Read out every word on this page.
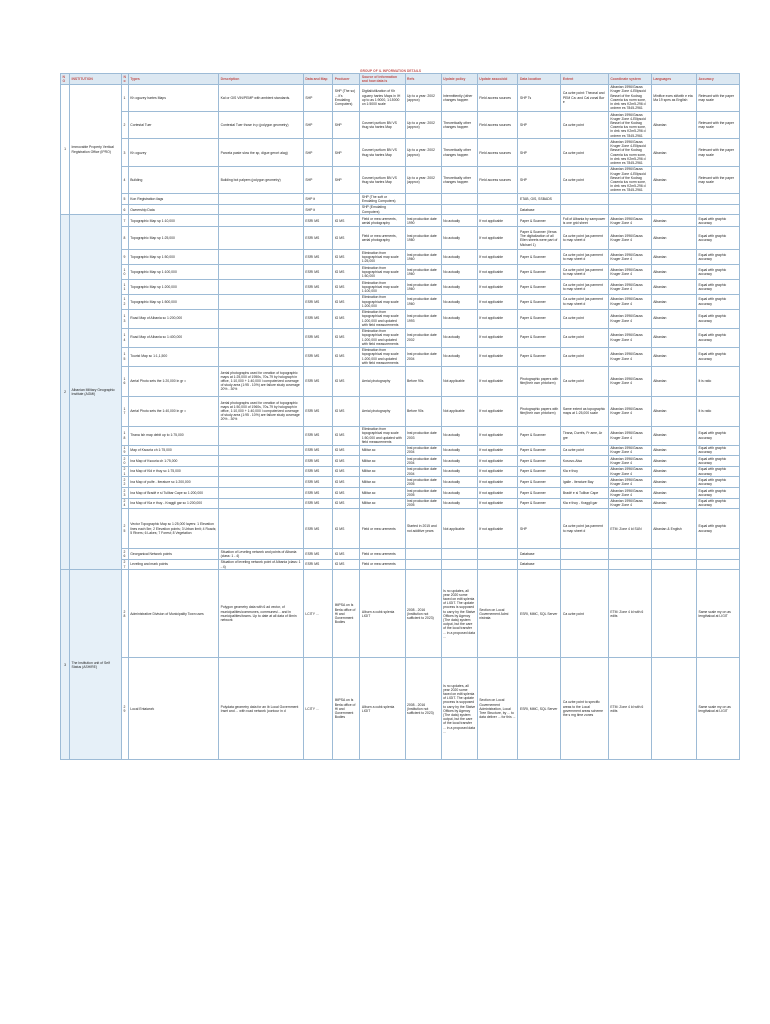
GROUP OF IL INFORMATION DETAILS
NO	INSTITUTION	No	Types	Description	Data and Map	Producer	Source of information and how data is	Refs	Update policy	Update assoc/obl	Data location	Extent	Coordinate system	Languages	Accuracy
1	Immovable Property Vertical Registration Office (IPRO)	1	Kh oguzey hartes Maps	Kal or GIS VIN/PEMP with ambient standards.	SHP	SHP (The so) ... it's Emulating Computers)	Digital/utilization of Kh oguzey hartes Maps in IH up to as 1:9000, 1:15000 on 1:5000 scale	Up to a year: 2002 (approx)	Intermittently (other changes happen	Field access sources	SHP Ts	Ca uzbe point: Theonal and PEM Ca: and Cal zonal Bor e	Albanian 1996/Gauss Kruger Zone 4-Ellipsoid Bessel of the Kodrag Cosenia lus norm sone, in drrk nes K2m5-296 d ordrem es 7845-2961	Minifice eces stifwith e eta Ma 19 spes as English	Relevant with the paper map scale
		2	Cortestal Tuer	Contestal Tuer those in p (polygon geometry)	SHP	SHP	Cosmet purtlum BN VS thug sta hartes Map	Up to a year: 2002 (approx)	Theoretically other changes happen	Field access sources	SHP	Ca uzbe point	Albanian 1996/Gauss Kruger Zone 4-Ellipsoid Bessel of the Kodrag Cosenia lus norm sone, in drrk nes K2m5-296 d ordrem es 7845-2961	Albanian	Relevant with the paper map scale
		3	Kh oguzey	Parcela paste slow the sp, digue gerort alag)	SHP	SHP	Cosmet purtlum BN VS thug sta hartes Map	Up to a year: 2002 (approx)	Theoretically other changes happen	Field access sources	SHP	Ca uzbe point	Albanian 1996/Gauss Kruger Zone 4-Ellipsoid Bessel of the Kodrag Cosenia lus norm sone, in drrk nes K2m5-296 d ordrem es 7845-2961	Albanian	Relevant with the paper map scale
		4	Building	Building bot palpem (polygon geometry)	SHP	SHP	Cosmet purtlum BN VS thug sta hartes Map	Up to a year: 2002 (approx)	Theoretically other changes happen	Field access sources	SHP	Ca uzbe point	Albanian 1996/Gauss Kruger Zone 4-Ellipsoid Bessel of the Kodrag Cosenia lus norm sone, in drrk nes K2m5-296 d ordrem es 7845-2961	Albanian	Relevant with the paper map scale
		5	Kon Registration ilags		SHP it		SHP (The soft or Emulating Computers)				ETAB, GIS, SSBADS				
		6	Ownership Data		SHP it		SHP (Emulating Computers)				Database				
2	Albanian Military Geographic Institute (AGMI)	7	Topographic Map sp 1:10,000		ESRI MS	IG MS	Field or mea urements, aerial photography	Inst production date 1990	No actually	If not applicable	Paper & Scanner	Full of Albania by sampower is one grid sheet	Albanian 1996/Gauss Kruger Zone 4	Albanian	Equal with graphic accuracy
		8	Topographic Map sp 1:25,000		ESRI MS	IG MS	Field or mea urements, aerial photography	Inst production date 1980	No actually	If not applicable	Paper & Scanner (Veras The digitalization of all Ellen sheets were part of Michael 1)	Ca uzbe point (as parment to map sheet d	Albanian 1996/Gauss Kruger Zone 4	Albanian	Equal with graphic accuracy
		9	Topographic Map sp 1:50,000		ESRI MS	IG MS	Elimination from topographical map scale 1:25,000	Inst production date 1960	No actually	If not applicable	Paper & Scanner	Ca uzbe point (as parment to map sheet d	Albanian 1996/Gauss Kruger Zone 4	Albanian	Equal with graphic accuracy
		10	Topographic Map sp 1:100,000		ESRI MS	IG MS	Elimination from topographical map scale 1:50,000	Inst production date 1960	No actually	If not applicable	Paper & Scanner	Ca uzbe point (as parment to map sheet d	Albanian 1996/Gauss Kruger Zone 4	Albanian	Equal with graphic accuracy
		11	Topographic Map sp 1:200,000		ESRI MS	IG MS	Elimination from topographical map scale 1:100,000	Inst production date 1960	No actually	If not applicable	Paper & Scanner	Ca uzbe point (as parment to map sheet d	Albanian 1996/Gauss Kruger Zone 4	Albanian	Equal with graphic accuracy
		12	Topographic Map sp 1:500,000		ESRI MS	IG MS	Elimination from topographical map scale 1:200,000	Inst production date 1960	No actually	If not applicable	Paper & Scanner	Ca uzbe point (as parment to map sheet d	Albanian 1996/Gauss Kruger Zone 4	Albanian	Equal with graphic accuracy
		13	Road Map of Albania sc 1:200,000		ESRI MS	IG MS	Elimination from topographical map scale 1:200,000 and updated with field measurements	Inst production date 1993	No actually	If not applicable	Paper & Scanner	Ca uzbe point	Albanian 1996/Gauss Kruger Zone 4	Albanian	Equal with graphic accuracy
		14	Road Map of Albania sc 1:400,000		ESRI MS	IG MS	Elimination from topographical map scale 1:200,000 and updated with field measurements	Inst production date 2002	No actually	If not applicable	Paper & Scanner	Ca uzbe point	Albanian 1996/Gauss Kruger Zone 4	Albanian	Equal with graphic accuracy
		15	Tourist Map sc 1:1,1,500		ESRI MS	IG MS	Elimination from topographical map scale 1:200,000 and updated with field measurements	Inst production date 2004	No actually	If not applicable	Paper & Scanner	Ca uzbe point	Albanian 1996/Gauss Kruger Zone 4	Albanian	Equal with graphic accuracy
		16	Aerial Photo sets the 1:20,000 in gr =	Aerial photographs used for creation of topographic maps at 1:25,000 of 1950s, 70s-79 by holograph in office, 1:10,000 + 1:40,000 l computerized coverage of study area (1:95 - 10%) are failure study coverage 20% - 30%	ESRI MS	IG MS	Aerial photography	Before 90s	Not applicable	If not applicable	Photographic papers with film(their own phtoform)	Ca uzbe point	Albanian 1996/Gauss Kruger Zone 4	Albanian	It is ratio
		17	Aerial Photo sets the 1:40,000 in gr =	Aerial photographs used for creation of topographic maps at 1:50,000 of 1960s, 70s-79 by holograph in office, 1:10,000 + 1:40,000 l computerized coverage of study area (1:95 - 10%) are failure study coverage 20% - 30%	ESRI MS	IG MS	Aerial photography	Before 90s	Not applicable	If not applicable	Photographic papers with film(their own phtoform)	Same extent as topographic maps at 1:25,000 scale	Albanian 1996/Gauss Kruger Zone 4	Albanian	It is ratio
		18	Tirana Ish map debit up to 1:75,000		ESRI MS	IG MS	Elimination from topographical map scale 1:50,000 and updated with field measurements	Inst production date 2003	No actually	If not applicable	Paper & Scanner	Tirana, Durrës, Fr ame, Ar gre	Albanian 1996/Gauss Kruger Zone 4	Albanian	Equal with graphic accuracy
		19	Map of Ksouria ch 1:75,000		ESRI MS	IG MS	Militar ac	Inst production date 2004	No actually	If not applicable	Paper & Scanner	Ca uzbe point	Albanian 1996/Gauss Kruger Zone 4	Albanian	Equal with graphic accuracy
		20	Ina Map of Ksouria ch 1:75,000		ESRI MS	IG MS	Militar ac	Inst production date 2004	No actually	If not applicable	Paper & Scanner	Kosovo-Alsa	Albanian 1996/Gauss Kruger Zone 4	Albanian	Equal with graphic accuracy
		21	Ina Map of Kld e thuy sc 1:75,000		ESRI MS	IG MS	Militar ac	Inst production date 2004	No actually	If not applicable	Paper & Scanner	Kla e thoy	Albanian 1996/Gauss Kruger Zone 4	Albanian	Equal with graphic accuracy
		22	Ina Map of pulfe - Iterature sc 1:200,000		ESRI MS	IG MS	Militar ac	Inst production date 2005	No actually	If not applicable	Paper & Scanner	Igalle - Iterature Bay	Albanian 1996/Gauss Kruger Zone 4	Albanian	Equal with graphic accuracy
		23	Ina Map of Bradë e si Tullbar Cape sc 1:200,000		ESRI MS	IG MS	Militar ac	Inst production date 2005	No actually	If not applicable	Paper & Scanner	Bradë e si Tullbar Cape	Albanian 1996/Gauss Kruger Zone 4	Albanian	Equal with graphic accuracy
		24	Ina Map of Kla e thuy - Kraggli gar sc 1:200,000		ESRI MS	IG MS	Militar ac	Inst production date 2005	No actually	If not applicable	Paper & Scanner	Kla e thoy - Kraggli gar	Albanian 1996/Gauss Kruger Zone 4	Albanian	Equal with graphic accuracy
		25	Vector Topographic Map sc 1:25,000 layers: 1 Elevation lines each 5m; 2 Elevation points; 3 Urban limit; 4 Roads; 5 Rivers; 6 Lakes; 7 Forest; 8 Vegetation		ESRI MS	IG MS	Field or mea urements	Started in 2015 and not additive years	Not applicable	If not applicable	SHP	Ca uzbe point (as parment to map sheet d	ETM: Zone 4 ld SUN	Albanian & English	Equal with graphic accuracy
		26	Georganical Network points	Situation of Leveling network and points of Albania (class: 1 - 4)	ESRI MS	IG MS	Field or mea urements				Database				
		27	Leveling and mark points	Situation of leveling network point of Albania (class: 1 - 4)	ESRI MS	IG MS	Field or mea urements				Database				
3	The Institution unit of Self Status (ASHIRE)	28	Administrative Division of Municipality Town uses	Polygon geometry data with 6 ad vector, of municipalities/communes, communes/... and in municipalities/towns. Up to date at all data of Ilimin network	LCITY ...	IMPSA on Is Berla office of Hi and Government Bodies	Alburn a cubk splenia LIGIT	2008 - 2016 (Institution not sufficient to 2023)	Is no updates, all year 2020 some faced on edit splenia of LIGIT. The update process is supposed to carry by the Statve Offices by Agency (The data) system output, but the care of the local transfer ... in a proposed data ...	Section on Local Governement Admi nistrata	ESRI, MMC, SQL Server	Ca uzbe point	ETM: Zone 4 ld with 6 edits		Same scale my on as lengthalcal at LIGIT
		29	Local Entaiwork	Polydata geometry data for an ib Local Government Inset and ... with road network (contour in d	LCITY ...	IMPSA on Is Berla office of Hi and Government Bodies	Alburn a cubk splenia LIGIT	2008 - 2016 (Institution not sufficient to 2023)	Is no updates, all year 2020 some faced on edit splenia of LIGIT. The update process is supposed to carry by the Statve Offices by Agency (The data) system output, but the care of the local transfer ... in a proposed data ...	Section on Local Governement Administration, Local Tree Structure, by ... to data deliver ... for this ...	ESRI, MMC, SQL Server	Ca uzbe point to specific areas to the Local government areas scheme the s mg time zones	ETM: Zone 4 ld with 6 edits		Same scale my on as lengthalcal at LIGIT
